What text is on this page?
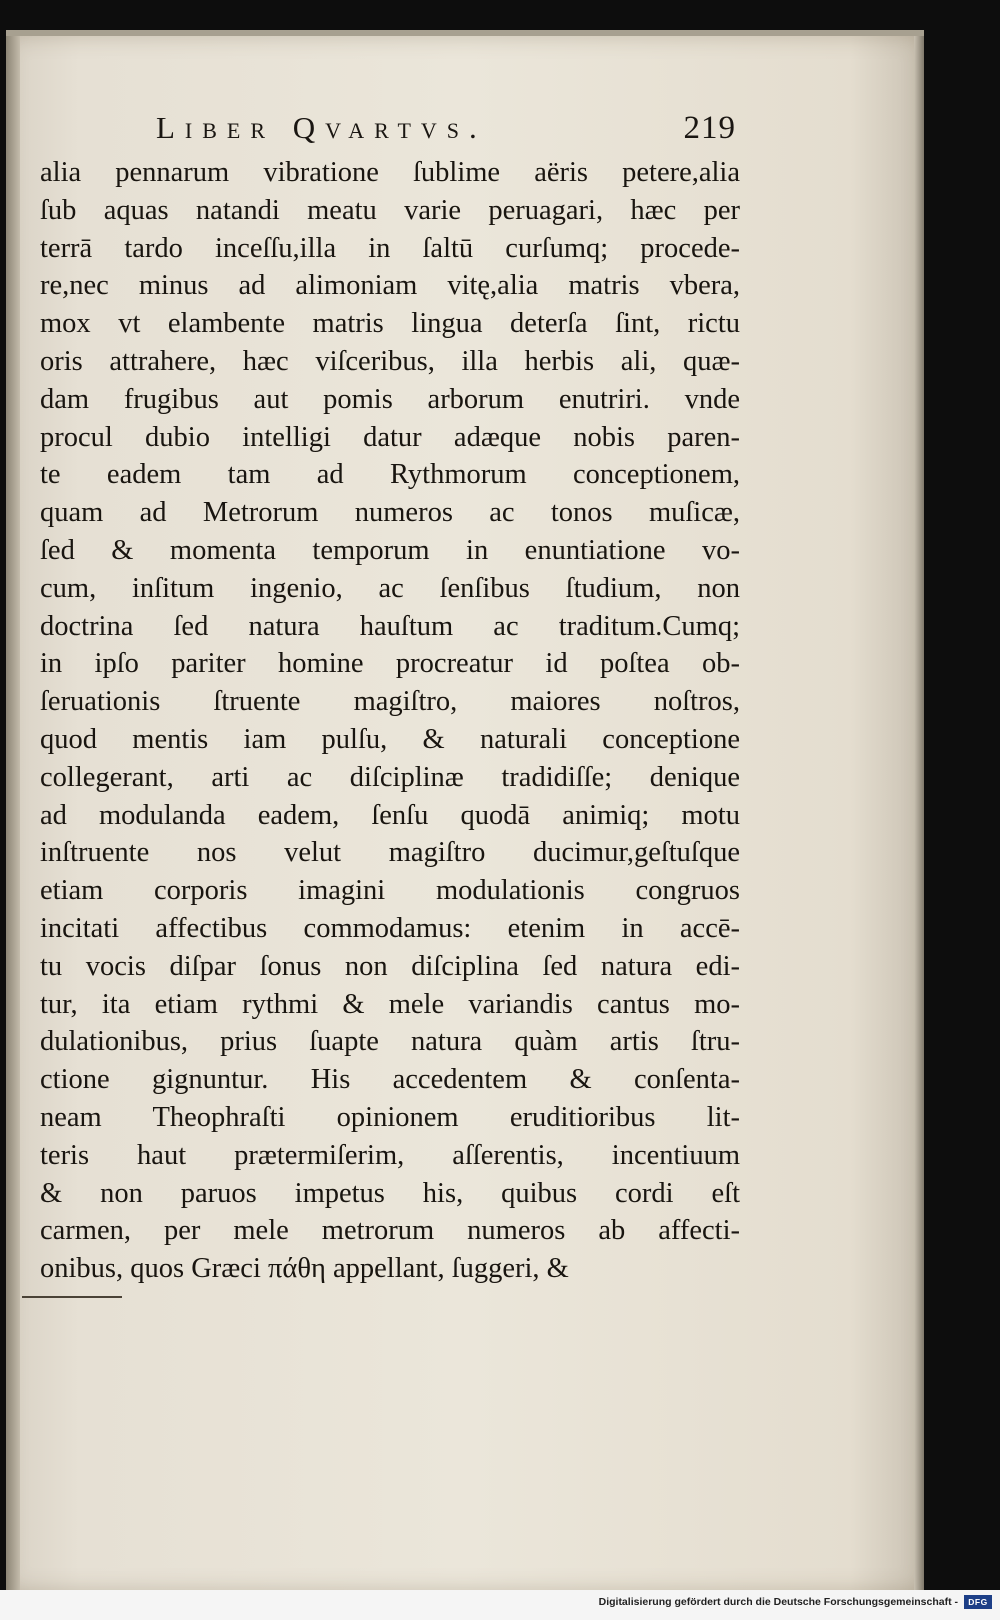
Liber Qvartvs.	219
alia pennarum vibratione ſublime aëris petere,alia
ſub aquas natandi meatu varie peruagari, hæc per
terrā tardo inceſſu,illa in ſaltū curſumq; procede-
re,nec minus ad alimoniam vitę,alia matris vbera,
mox vt elambente matris lingua deterſa ſint, rictu
oris attrahere, hæc viſceribus, illa herbis ali, quæ-
dam frugibus aut pomis arborum enutriri. vnde
procul dubio intelligi datur adæque nobis paren-
te eadem tam ad Rythmorum conceptionem,
quam ad Metrorum numeros ac tonos muſicæ,
ſed & momenta temporum in enuntiatione vo-
cum, inſitum ingenio, ac ſenſibus ſtudium, non
doctrina ſed natura hauſtum ac traditum.Cumq;
in ipſo pariter homine procreatur id poſtea ob-
ſeruationis ſtruente magiſtro, maiores noſtros,
quod mentis iam pulſu, & naturali conceptione
collegerant, arti ac diſciplinæ tradidiſſe; denique
ad modulanda eadem, ſenſu quodā animiq; motu
inſtruente nos velut magiſtro ducimur,geſtuſque
etiam corporis imagini modulationis congruos
incitati affectibus commodamus: etenim in accē-
tu vocis diſpar ſonus non diſciplina ſed natura edi-
tur, ita etiam rythmi & mele variandis cantus mo-
dulationibus, prius ſuapte natura quàm artis ſtru-
ctione gignuntur. His accedentem & conſenta-
neam Theophraſti opinionem eruditioribus lit-
teris haut prætermiſerim, aſſerentis, incentiuum
& non paruos impetus his, quibus cordi eſt
carmen, per mele metrorum numeros ab affecti-
onibus, quos Græci πάθη appellant, ſuggeri, &
Digitalisierung gefördert durch die Deutsche Forschungsgemeinschaft -	DFG
